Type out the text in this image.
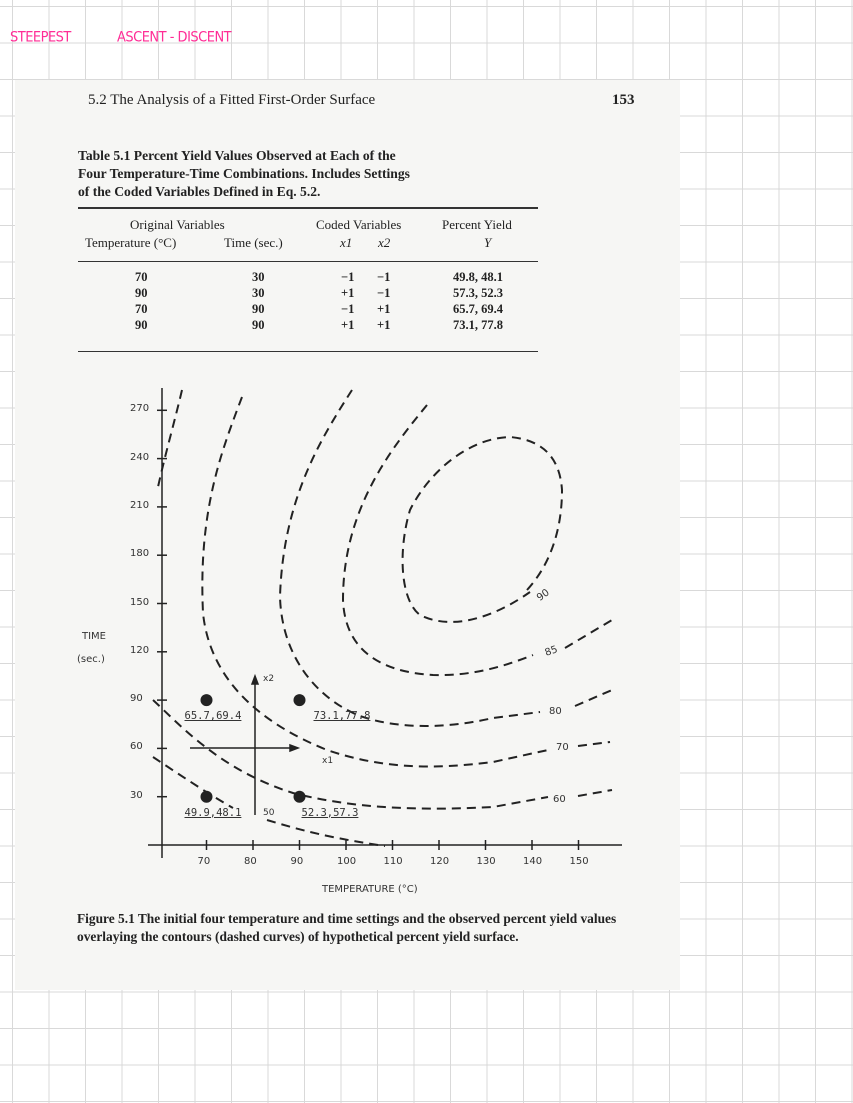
STEEPEST	ASCENT - DISCENT
5.2 The Analysis of a Fitted First-Order Surface	153
Table 5.1 Percent Yield Values Observed at Each of the
Four Temperature-Time Combinations. Includes Settings
of the Coded Variables Defined in Eq. 5.2.
Original Variables	Coded Variables	Percent Yield
Temperature (°C)	Time (sec.)	x1 x2	Y
70	30	−1 −1	49.8, 48.1
90	30	+1 −1	57.3, 52.3
70	90	−1 +1	65.7, 69.4
90	90	+1 +1	73.1, 77.8
x2
x1
50
60
70
80
85
90
70	80	90	100	110	120	130	140	150
270
240
210
180
150
120
90
60
30
65.7,69.4	73.1,77.8
49.9,48.1	52.3,57.3
TIME
(sec.)
TEMPERATURE (°C)
Figure 5.1 The initial four temperature and time settings and the observed percent yield values overlaying the contours (dashed curves) of hypothetical percent yield surface.
